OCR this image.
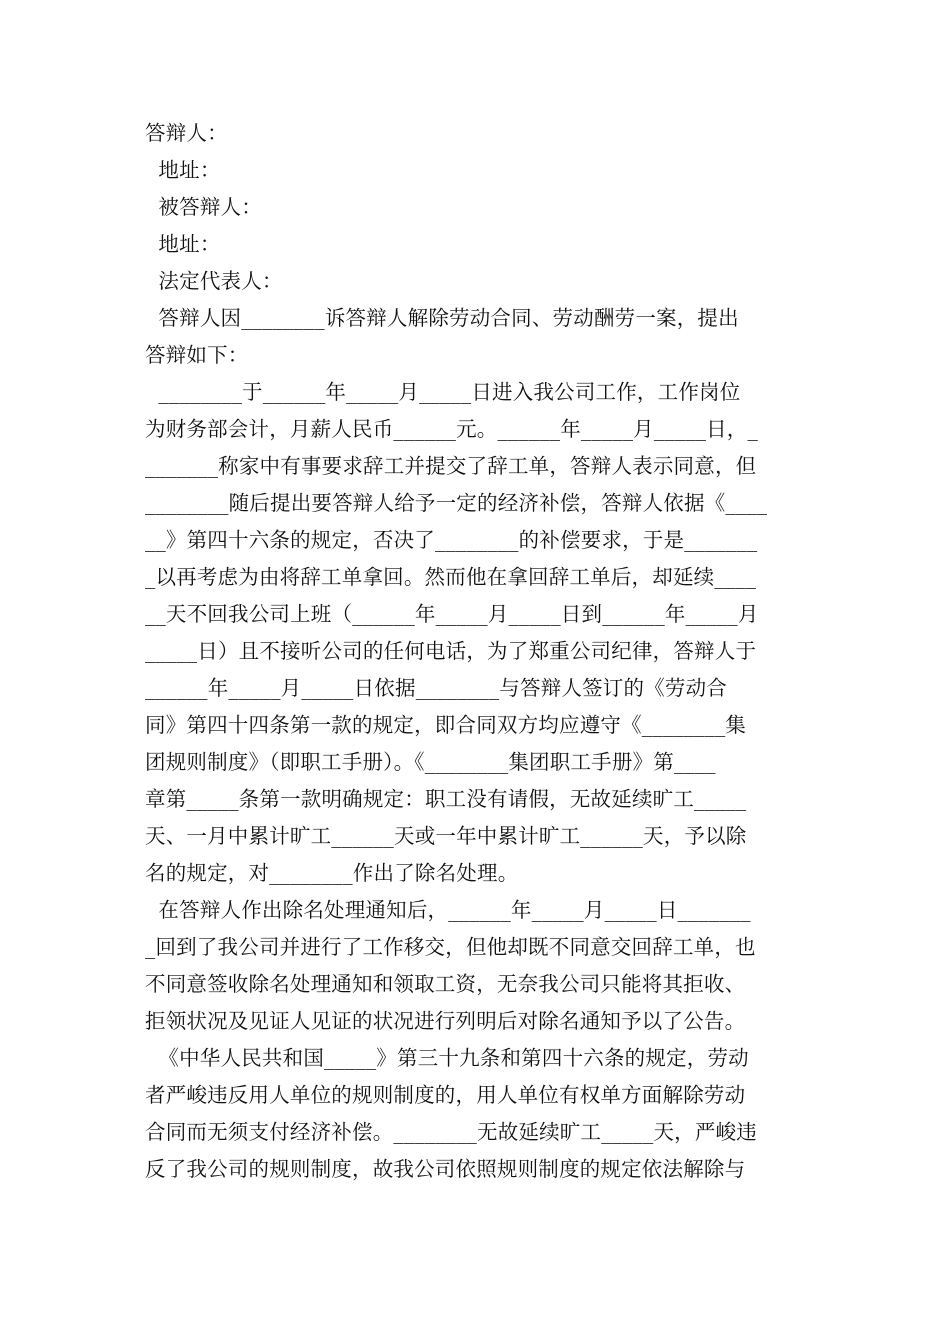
答辩人：
地址：
被答辩人：
地址：
法定代表人：
答辩人因________诉答辩人解除劳动合同、劳动酬劳一案，提出
答辩如下：
________于______年_____月_____日进入我公司工作，工作岗位
为财务部会计，月薪人民币______元。______年_____月_____日，_
_______称家中有事要求辞工并提交了辞工单，答辩人表示同意，但
________随后提出要答辩人给予一定的经济补偿，答辩人依据《____
__》第四十六条的规定，否决了________的补偿要求，于是_______
_以再考虑为由将辞工单拿回。然而他在拿回辞工单后，却延续____
__天不回我公司上班（______年_____月_____日到______年_____月
_____日）且不接听公司的任何电话，为了郑重公司纪律，答辩人于
______年_____月_____日依据________与答辩人签订的《劳动合
同》第四十四条第一款的规定，即合同双方均应遵守《________集
团规则制度》（即职工手册）。《________集团职工手册》第____
章第_____条第一款明确规定：职工没有请假，无故延续旷工_____
天、一月中累计旷工______天或一年中累计旷工______天，予以除
名的规定，对________作出了除名处理。
在答辩人作出除名处理通知后，______年_____月_____日_______
_回到了我公司并进行了工作移交，但他却既不同意交回辞工单，也
不同意签收除名处理通知和领取工资，无奈我公司只能将其拒收、
拒领状况及见证人见证的状况进行列明后对除名通知予以了公告。
《中华人民共和国_____》第三十九条和第四十六条的规定，劳动
者严峻违反用人单位的规则制度的，用人单位有权单方面解除劳动
合同而无须支付经济补偿。________无故延续旷工_____天，严峻违
反了我公司的规则制度，故我公司依照规则制度的规定依法解除与
